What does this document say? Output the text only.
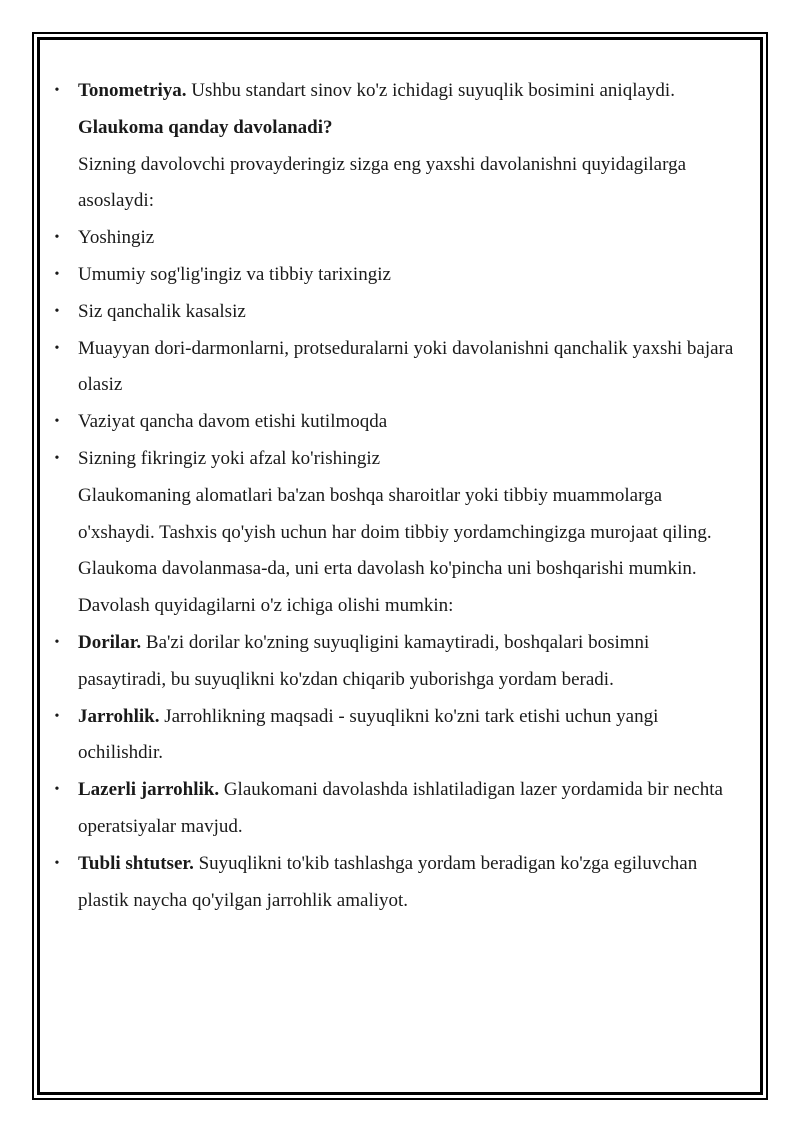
• Tonometriya. Ushbu standart sinov ko'z ichidagi suyuqlik bosimini aniqlaydi.

Glaukoma qanday davolanadi?

Sizning davolovchi provayderingiz sizga eng yaxshi davolanishni quyidagilarga asoslaydi:

• Yoshingiz

• Umumiy sog'lig'ingiz va tibbiy tarixingiz

• Siz qanchalik kasalsiz

• Muayyan dori-darmonlarni, protseduralarni yoki davolanishni qanchalik yaxshi bajara olasiz

• Vaziyat qancha davom etishi kutilmoqda

• Sizning fikringiz yoki afzal ko'rishingiz

Glaukomaning alomatlari ba'zan boshqa sharoitlar yoki tibbiy muammolarga o'xshaydi. Tashxis qo'yish uchun har doim tibbiy yordamchingizga murojaat qiling.

Glaukoma davolanmasa-da, uni erta davolash ko'pincha uni boshqarishi mumkin. Davolash quyidagilarni o'z ichiga olishi mumkin:

• Dorilar. Ba'zi dorilar ko'zning suyuqligini kamaytiradi, boshqalari bosimni pasaytiradi, bu suyuqlikni ko'zdan chiqarib yuborishga yordam beradi.

• Jarrohlik. Jarrohlikning maqsadi - suyuqlikni ko'zni tark etishi uchun yangi ochilishdir.

• Lazerli jarrohlik. Glaukomani davolashda ishlatiladigan lazer yordamida bir nechta operatsiyalar mavjud.

• Tubli shtutser. Suyuqlikni to'kib tashlashga yordam beradigan ko'zga egiluvchan plastik naycha qo'yilgan jarrohlik amaliyot.
